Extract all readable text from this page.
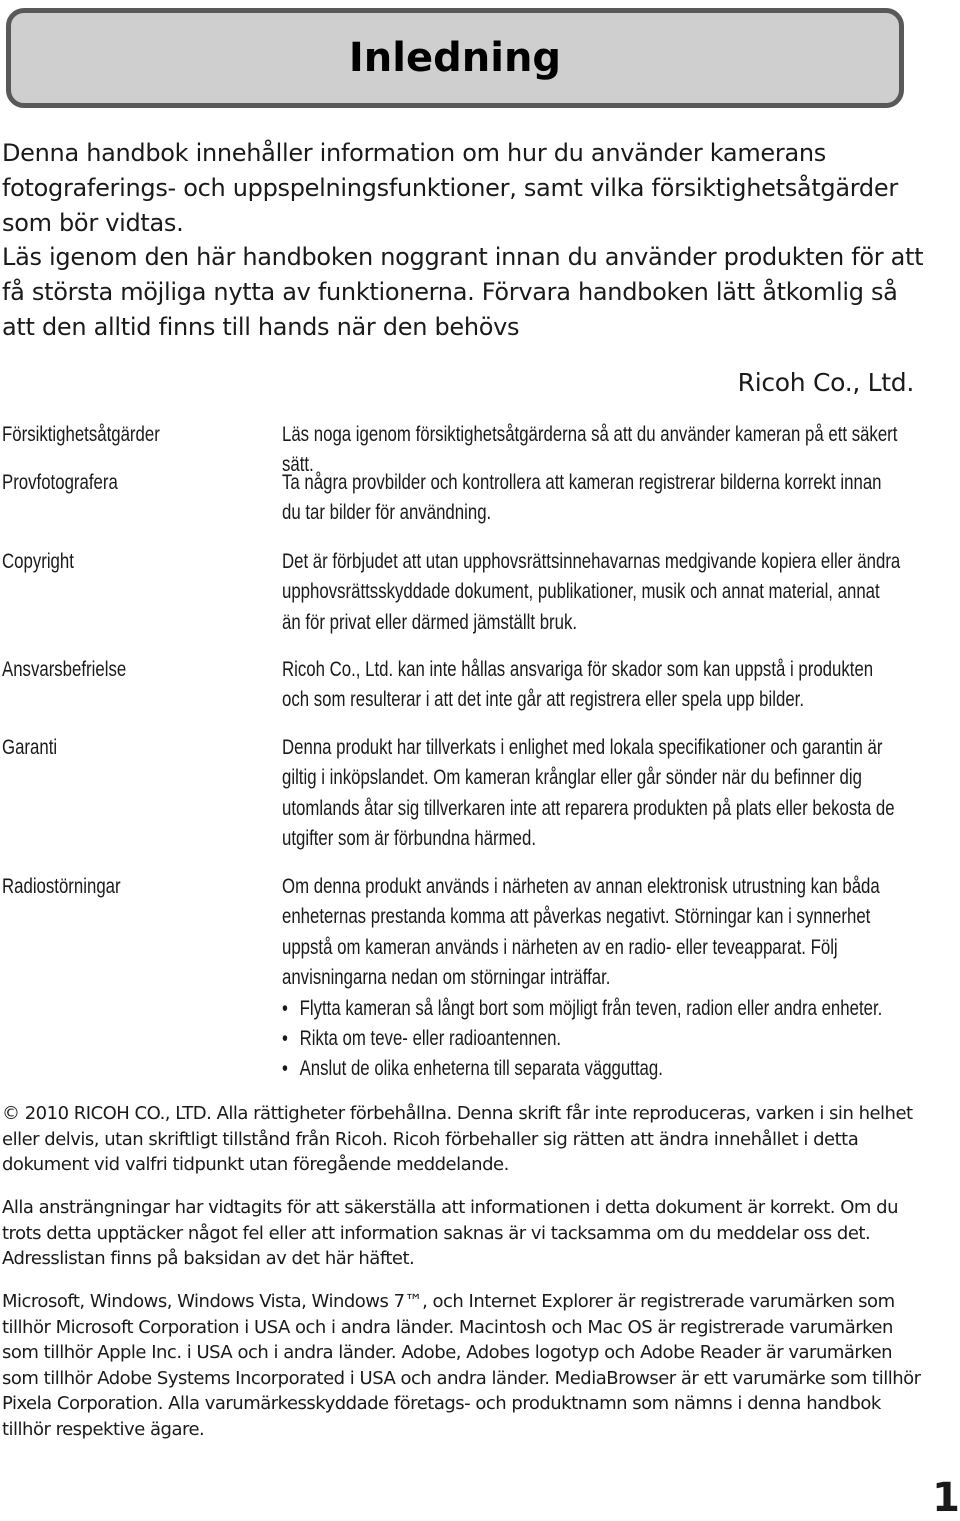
Inledning

Denna handbok innehåller information om hur du använder kamerans fotograferings- och uppspelningsfunktioner, samt vilka försiktighetsåtgärder som bör vidtas.

Läs igenom den här handboken noggrant innan du använder produkten för att få största möjliga nytta av funktionerna. Förvara handboken lätt åtkomlig så att den alltid finns till hands när den behövs

Ricoh Co., Ltd.
Försiktighetsåtgärder	Läs noga igenom försiktighetsåtgärderna så att du använder kameran på ett säkert sätt.

Provfotografera	Ta några provbilder och kontrollera att kameran registrerar bilderna korrekt innan du tar bilder för användning.

Copyright	Det är förbjudet att utan upphovsrättsinnehavarnas medgivande kopiera eller ändra upphovsrättsskyddade dokument, publikationer, musik och annat material, annat än för privat eller därmed jämställt bruk.

Ansvarsbefrielse	Ricoh Co., Ltd. kan inte hållas ansvariga för skador som kan uppstå i produkten och som resulterar i att det inte går att registrera eller spela upp bilder.

Garanti	Denna produkt har tillverkats i enlighet med lokala specifikationer och garantin är giltig i inköpslandet. Om kameran krånglar eller går sönder när du befinner dig utomlands åtar sig tillverkaren inte att reparera produkten på plats eller bekosta de utgifter som är förbundna härmed.

Radiostörningar	Om denna produkt används i närheten av annan elektronisk utrustning kan båda enheternas prestanda komma att påverkas negativt. Störningar kan i synnerhet uppstå om kameran används i närheten av en radio- eller teveapparat. Följ anvisningarna nedan om störningar inträffar.

• Flytta kameran så långt bort som möjligt från teven, radion eller andra enheter.
• Rikta om teve- eller radioantennen.
• Anslut de olika enheterna till separata vägguttag.

© 2010 RICOH CO., LTD. Alla rättigheter förbehållna. Denna skrift får inte reproduceras, varken i sin helhet eller delvis, utan skriftligt tillstånd från Ricoh. Ricoh förbehaller sig rätten att ändra innehållet i detta dokument vid valfri tidpunkt utan föregående meddelande.

Alla ansträngningar har vidtagits för att säkerställa att informationen i detta dokument är korrekt. Om du trots detta upptäcker något fel eller att information saknas är vi tacksamma om du meddelar oss det. Adresslistan finns på baksidan av det här häftet.

Microsoft, Windows, Windows Vista, Windows 7™, och Internet Explorer är registrerade varumärken som tillhör Microsoft Corporation i USA och i andra länder. Macintosh och Mac OS är registrerade varumärken som tillhör Apple Inc. i USA och i andra länder. Adobe, Adobes logotyp och Adobe Reader är varumärken som tillhör Adobe Systems Incorporated i USA och andra länder. MediaBrowser är ett varumärke som tillhör Pixela Corporation. Alla varumärkesskyddade företags- och produktnamn som nämns i denna handbok tillhör respektive ägare.

1
